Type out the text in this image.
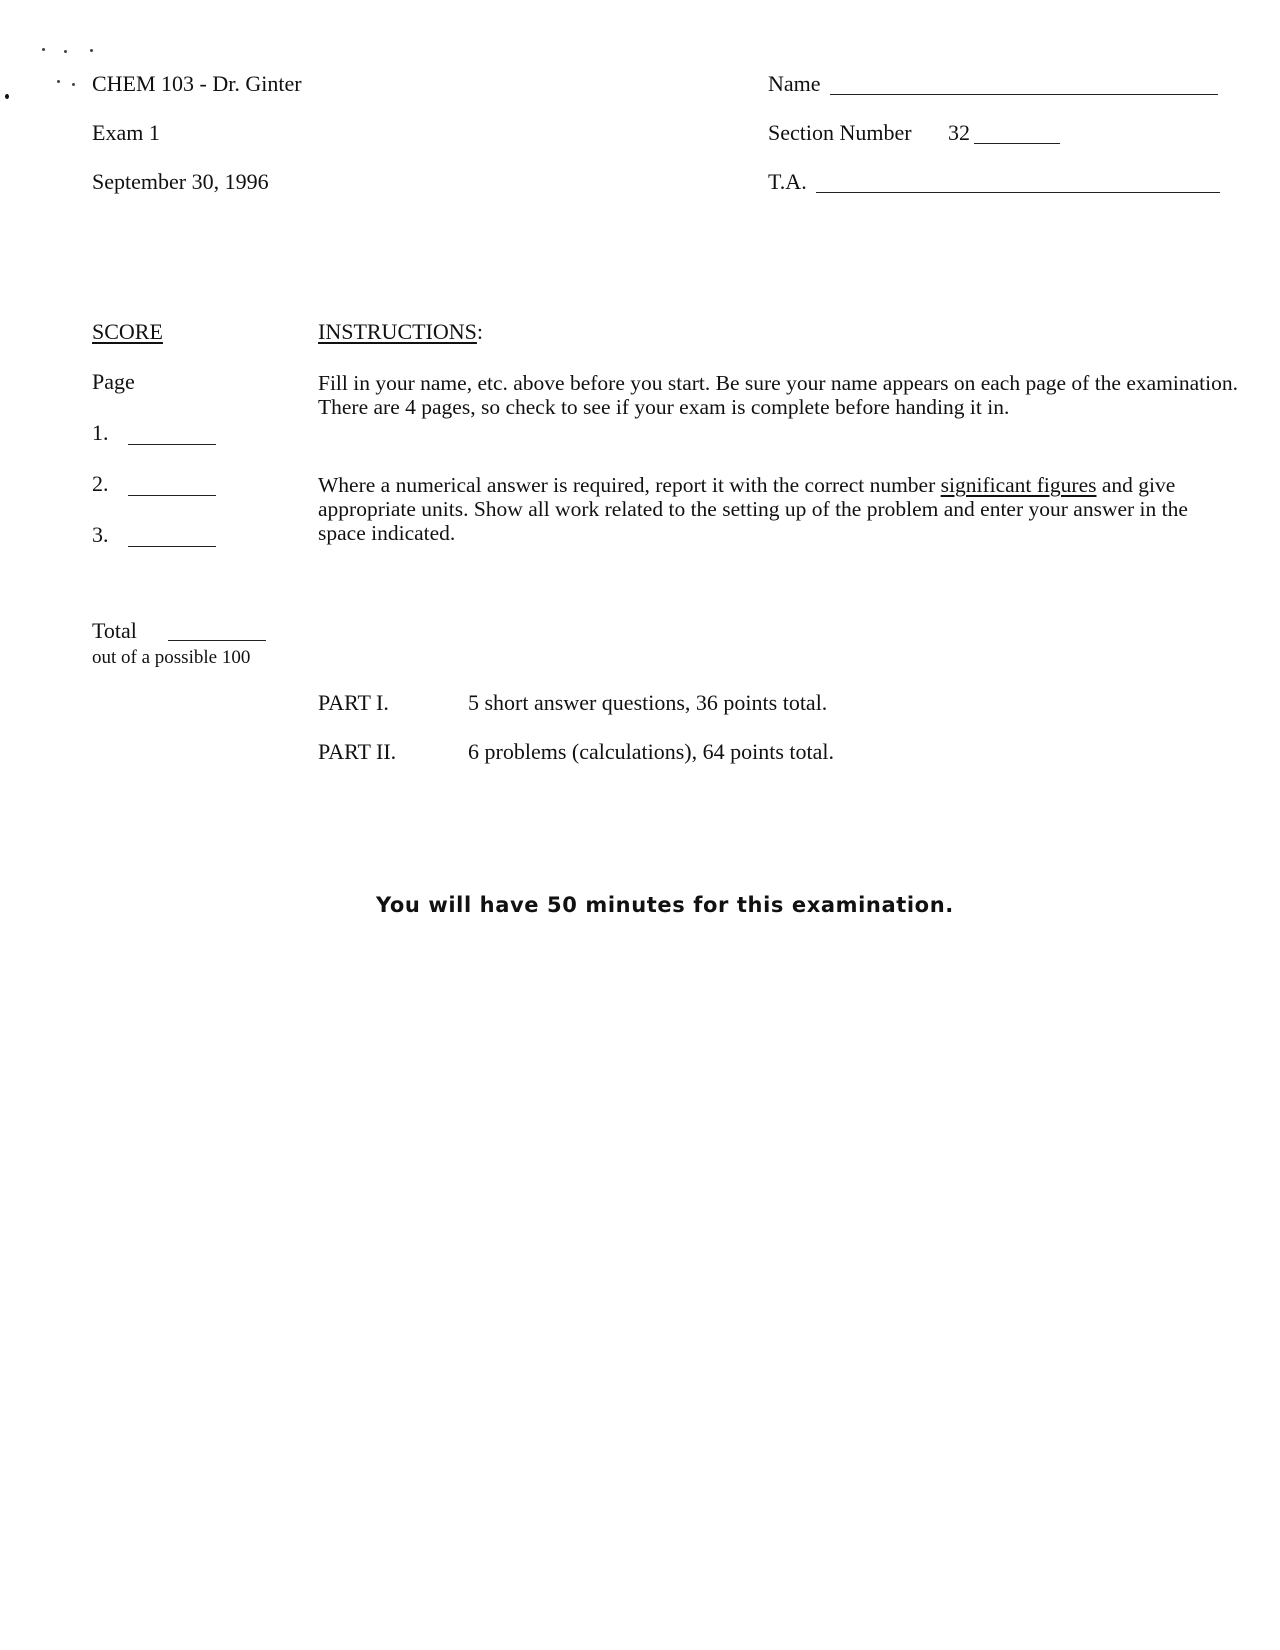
CHEM 103 - Dr. Ginter
Exam 1
September 30, 1996
Name
Section Number 32
T.A.
SCORE
Page
1.
2.
3.
Total
out of a possible 100
INSTRUCTIONS:
Fill in your name, etc. above before you start. Be sure your name appears on each page of the examination. There are 4 pages, so check to see if your exam is complete before handing it in.
Where a numerical answer is required, report it with the correct number significant figures and give appropriate units. Show all work related to the setting up of the problem and enter your answer in the space indicated.
PART I.	5 short answer questions, 36 points total.
PART II.	6 problems (calculations), 64 points total.
You will have 50 minutes for this examination.
